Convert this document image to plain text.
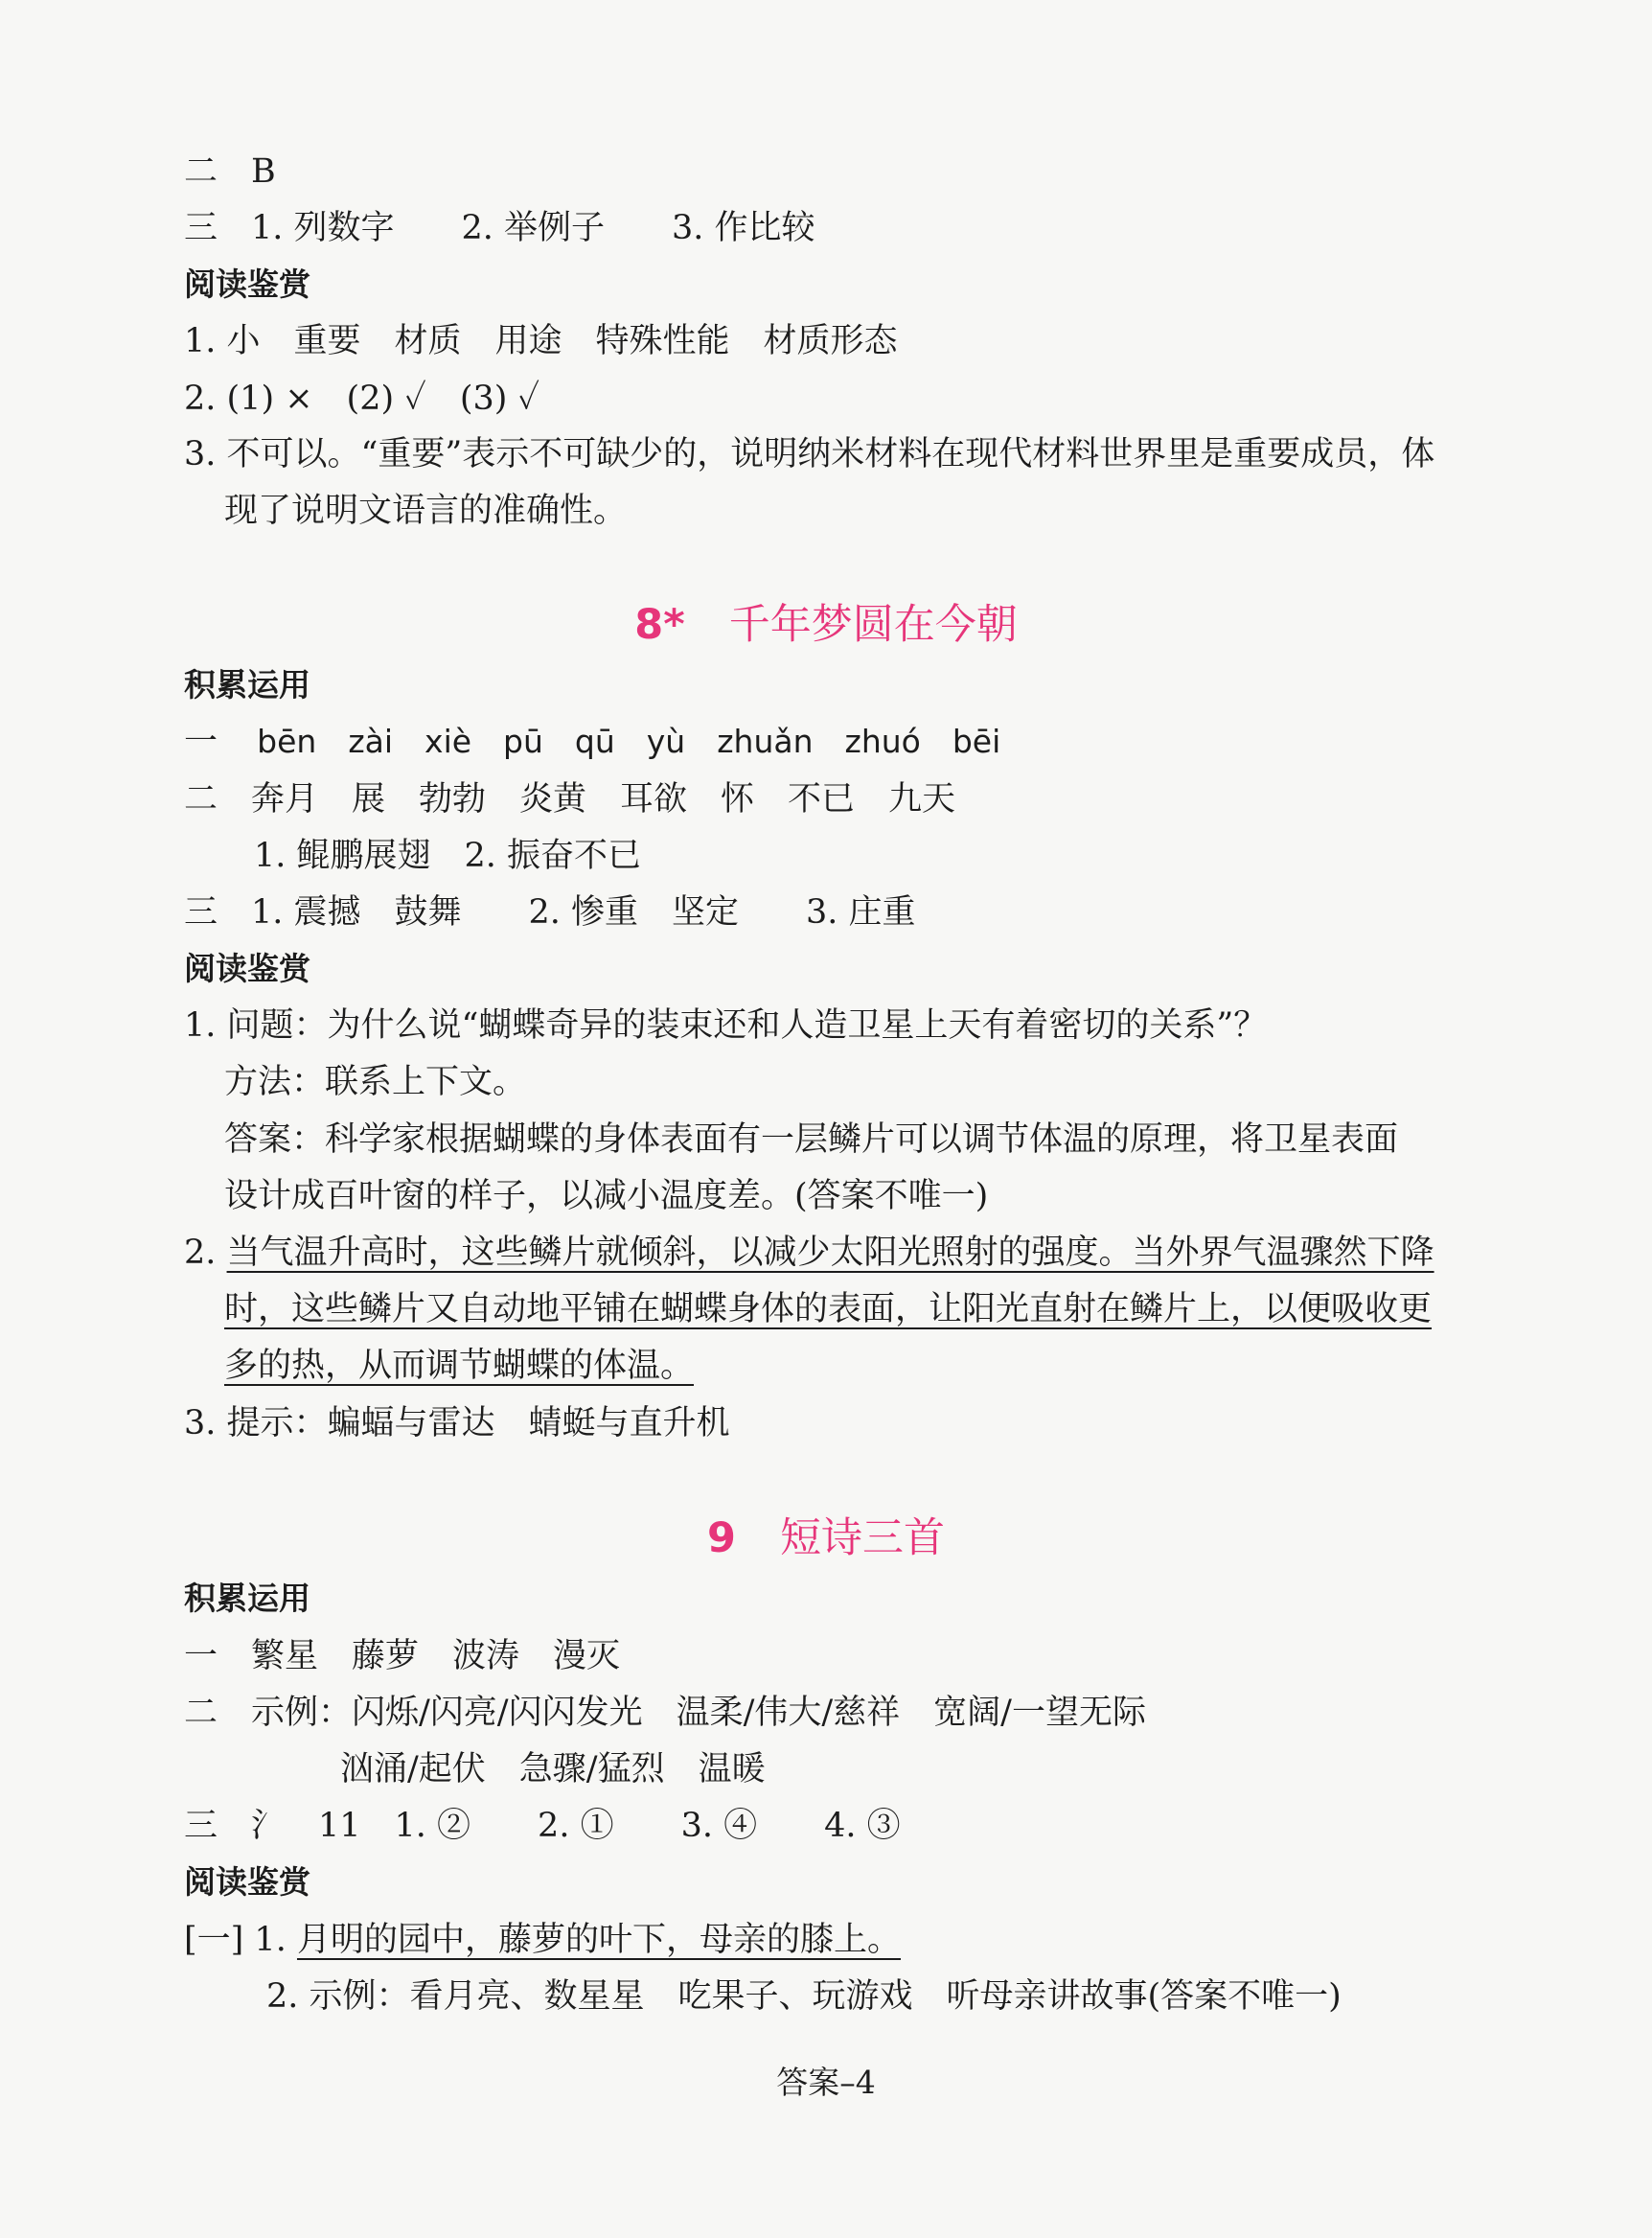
二　B
三　1. 列数字　　2. 举例子　　3. 作比较
阅读鉴赏
1. 小　重要　材质　用途　特殊性能　材质形态
2. (1) ×　(2) ✓　(3) ✓
3. 不可以。“重要”表示不可缺少的，说明纳米材料在现代材料世界里是重要成员，体
现了说明文语言的准确性。
8* 千年梦圆在今朝
积累运用
一 bēn　zài　xiè　pū　qū　yù　zhuǎn　zhuó　bēi
二　奔月　展　勃勃　炎黄　耳欲　怀　不已　九天
1. 鲲鹏展翅　2. 振奋不已
三　1. 震撼　鼓舞　　2. 惨重　坚定　　3. 庄重
阅读鉴赏
1. 问题：为什么说“蝴蝶奇异的装束还和人造卫星上天有着密切的关系”？
方法：联系上下文。
答案：科学家根据蝴蝶的身体表面有一层鳞片可以调节体温的原理，将卫星表面
设计成百叶窗的样子，以减小温度差。(答案不唯一)
2. 当气温升高时，这些鳞片就倾斜，以减少太阳光照射的强度。当外界气温骤然下降
时，这些鳞片又自动地平铺在蝴蝶身体的表面，让阳光直射在鳞片上，以便吸收更
多的热，从而调节蝴蝶的体温。
3. 提示：蝙蝠与雷达　蜻蜓与直升机
9 短诗三首
积累运用
一　繁星　藤萝　波涛　漫灭
二　示例：闪烁/闪亮/闪闪发光　温柔/伟大/慈祥　宽阔/一望无际
汹涌/起伏　急骤/猛烈　温暖
三　氵　11　1. ②　　2. ①　　3. ④　　4. ③
阅读鉴赏
[一] 1. 月明的园中，藤萝的叶下，母亲的膝上。
2. 示例：看月亮、数星星　吃果子、玩游戏　听母亲讲故事(答案不唯一)
答案–4
